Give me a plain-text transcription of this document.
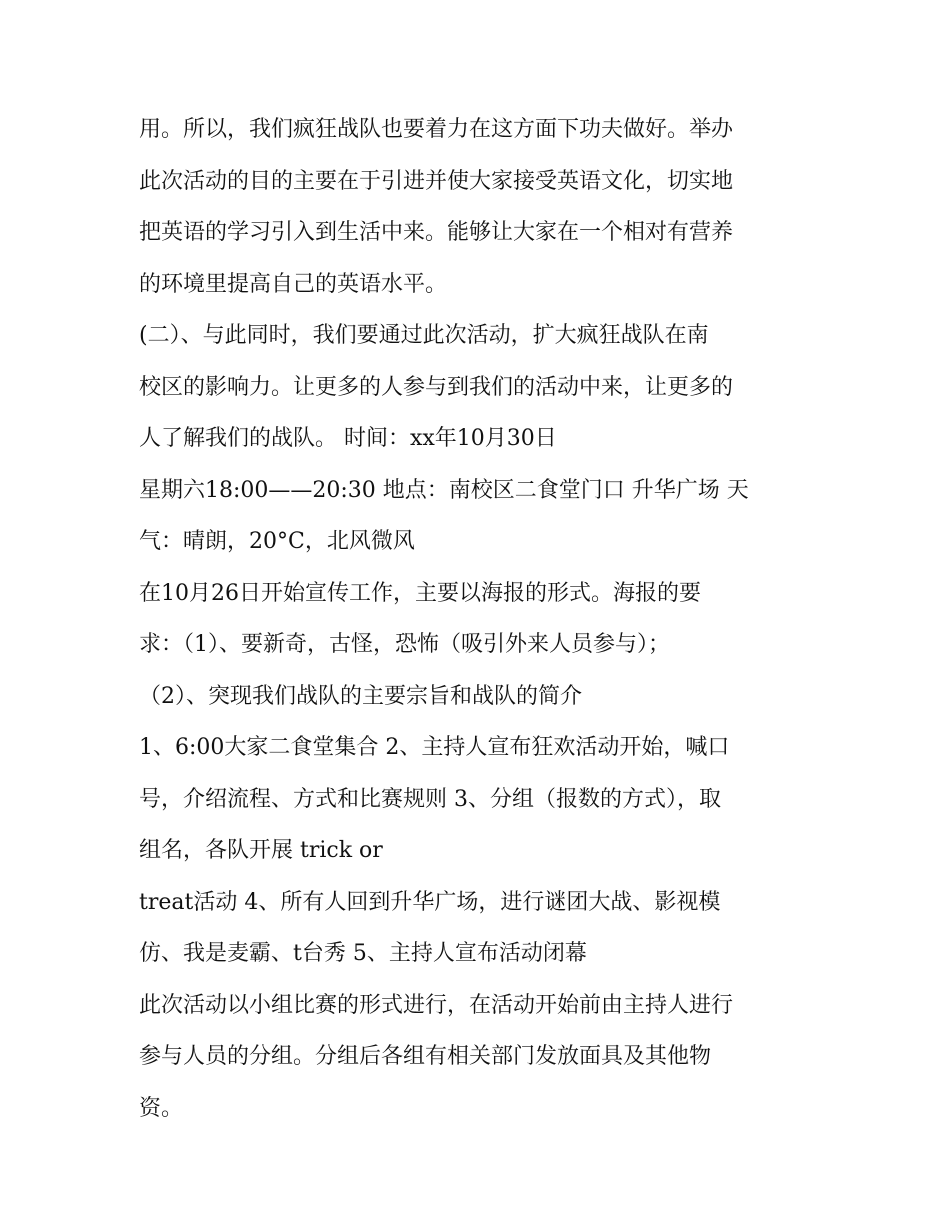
用。所以，我们疯狂战队也要着力在这方面下功夫做好。举办
此次活动的目的主要在于引进并使大家接受英语文化，切实地
把英语的学习引入到生活中来。能够让大家在一个相对有营养
的环境里提高自己的英语水平。
(二）、与此同时，我们要通过此次活动，扩大疯狂战队在南
校区的影响力。让更多的人参与到我们的活动中来，让更多的
人了解我们的战队。 时间：xx年10月30日
星期六18:00——20:30 地点：南校区二食堂门口 升华广场 天
气：晴朗，20°C，北风微风
在10月26日开始宣传工作，主要以海报的形式。海报的要
求：（1）、要新奇，古怪，恐怖（吸引外来人员参与）；
（2）、突现我们战队的主要宗旨和战队的简介
1、6:00大家二食堂集合 2、主持人宣布狂欢活动开始，喊口
号，介绍流程、方式和比赛规则 3、分组（报数的方式），取
组名，各队开展 trick or
treat活动 4、所有人回到升华广场，进行谜团大战、影视模
仿、我是麦霸、t台秀 5、主持人宣布活动闭幕
此次活动以小组比赛的形式进行，在活动开始前由主持人进行
参与人员的分组。分组后各组有相关部门发放面具及其他物
资。
